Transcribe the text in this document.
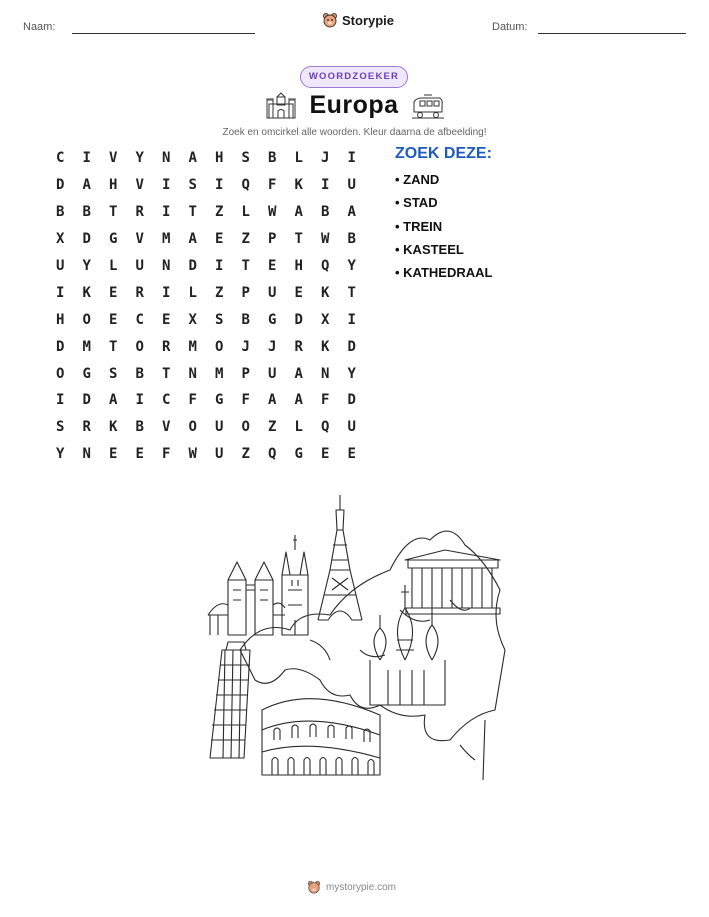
Naam:	Storypie	Datum:
WOORDZOEKER
Europa
Zoek en omcirkel alle woorden. Kleur daarna de afbeelding!
C	I	V	Y	N	A	H	S	B	L	J	I
D	A	H	V	I	S	I	Q	F	K	I	U
B	B	T	R	I	T	Z	L	W	A	B	A
X	D	G	V	M	A	E	Z	P	T	W	B
U	Y	L	U	N	D	I	T	E	H	Q	Y
I	K	E	R	I	L	Z	P	U	E	K	T
H	O	E	C	E	X	S	B	G	D	X	I
D	M	T	O	R	M	O	J	J	R	K	D
O	G	S	B	T	N	M	P	U	A	N	Y
I	D	A	I	C	F	G	F	A	A	F	D
S	R	K	B	V	O	U	O	Z	L	Q	U
Y	N	E	E	F	W	U	Z	Q	G	E	E
ZOEK DEZE:
• ZAND
• STAD
• TREIN
• KASTEEL
• KATHEDRAAL
mystorypie.com
